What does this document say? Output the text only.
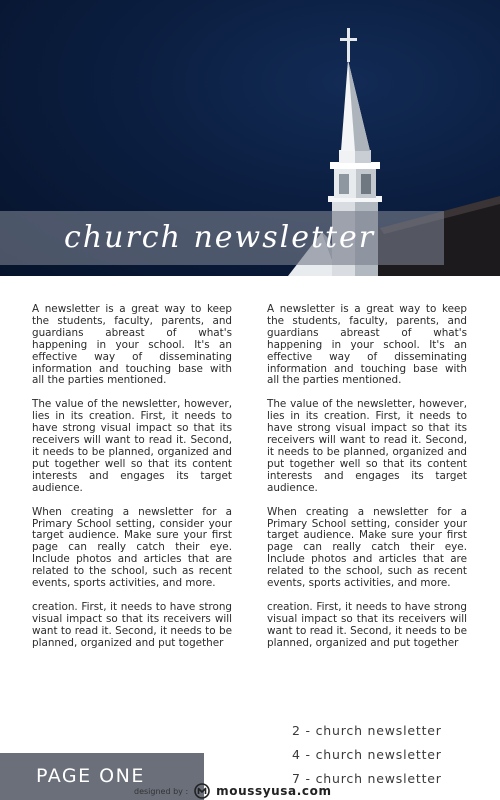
church newsletter

A newsletter is a great way to keep the students, faculty, parents, and guardians abreast of what's happening in your school. It's an effective way of disseminating information and touching base with all the parties mentioned.

The value of the newsletter, however, lies in its creation. First, it needs to have strong visual impact so that its receivers will want to read it. Second, it needs to be planned, organized and put together well so that its content interests and engages its target audience.

When creating a newsletter for a Primary School setting, consider your target audience. Make sure your first page can really catch their eye. Include photos and articles that are related to the school, such as recent events, sports activities, and more.

creation. First, it needs to have strong visual impact so that its receivers will want to read it. Second, it needs to be planned, organized and put together

A newsletter is a great way to keep the students, faculty, parents, and guardians abreast of what's happening in your school. It's an effective way of disseminating information and touching base with all the parties mentioned.

The value of the newsletter, however, lies in its creation. First, it needs to have strong visual impact so that its receivers will want to read it. Second, it needs to be planned, organized and put together well so that its content interests and engages its target audience.

When creating a newsletter for a Primary School setting, consider your target audience. Make sure your first page can really catch their eye. Include photos and articles that are related to the school, such as recent events, sports activities, and more.

creation. First, it needs to have strong visual impact so that its receivers will want to read it. Second, it needs to be planned, organized and put together

2 - church newsletter
4 - church newsletter
7 - church newsletter
PAGE ONE
designed by : moussyusa.com
